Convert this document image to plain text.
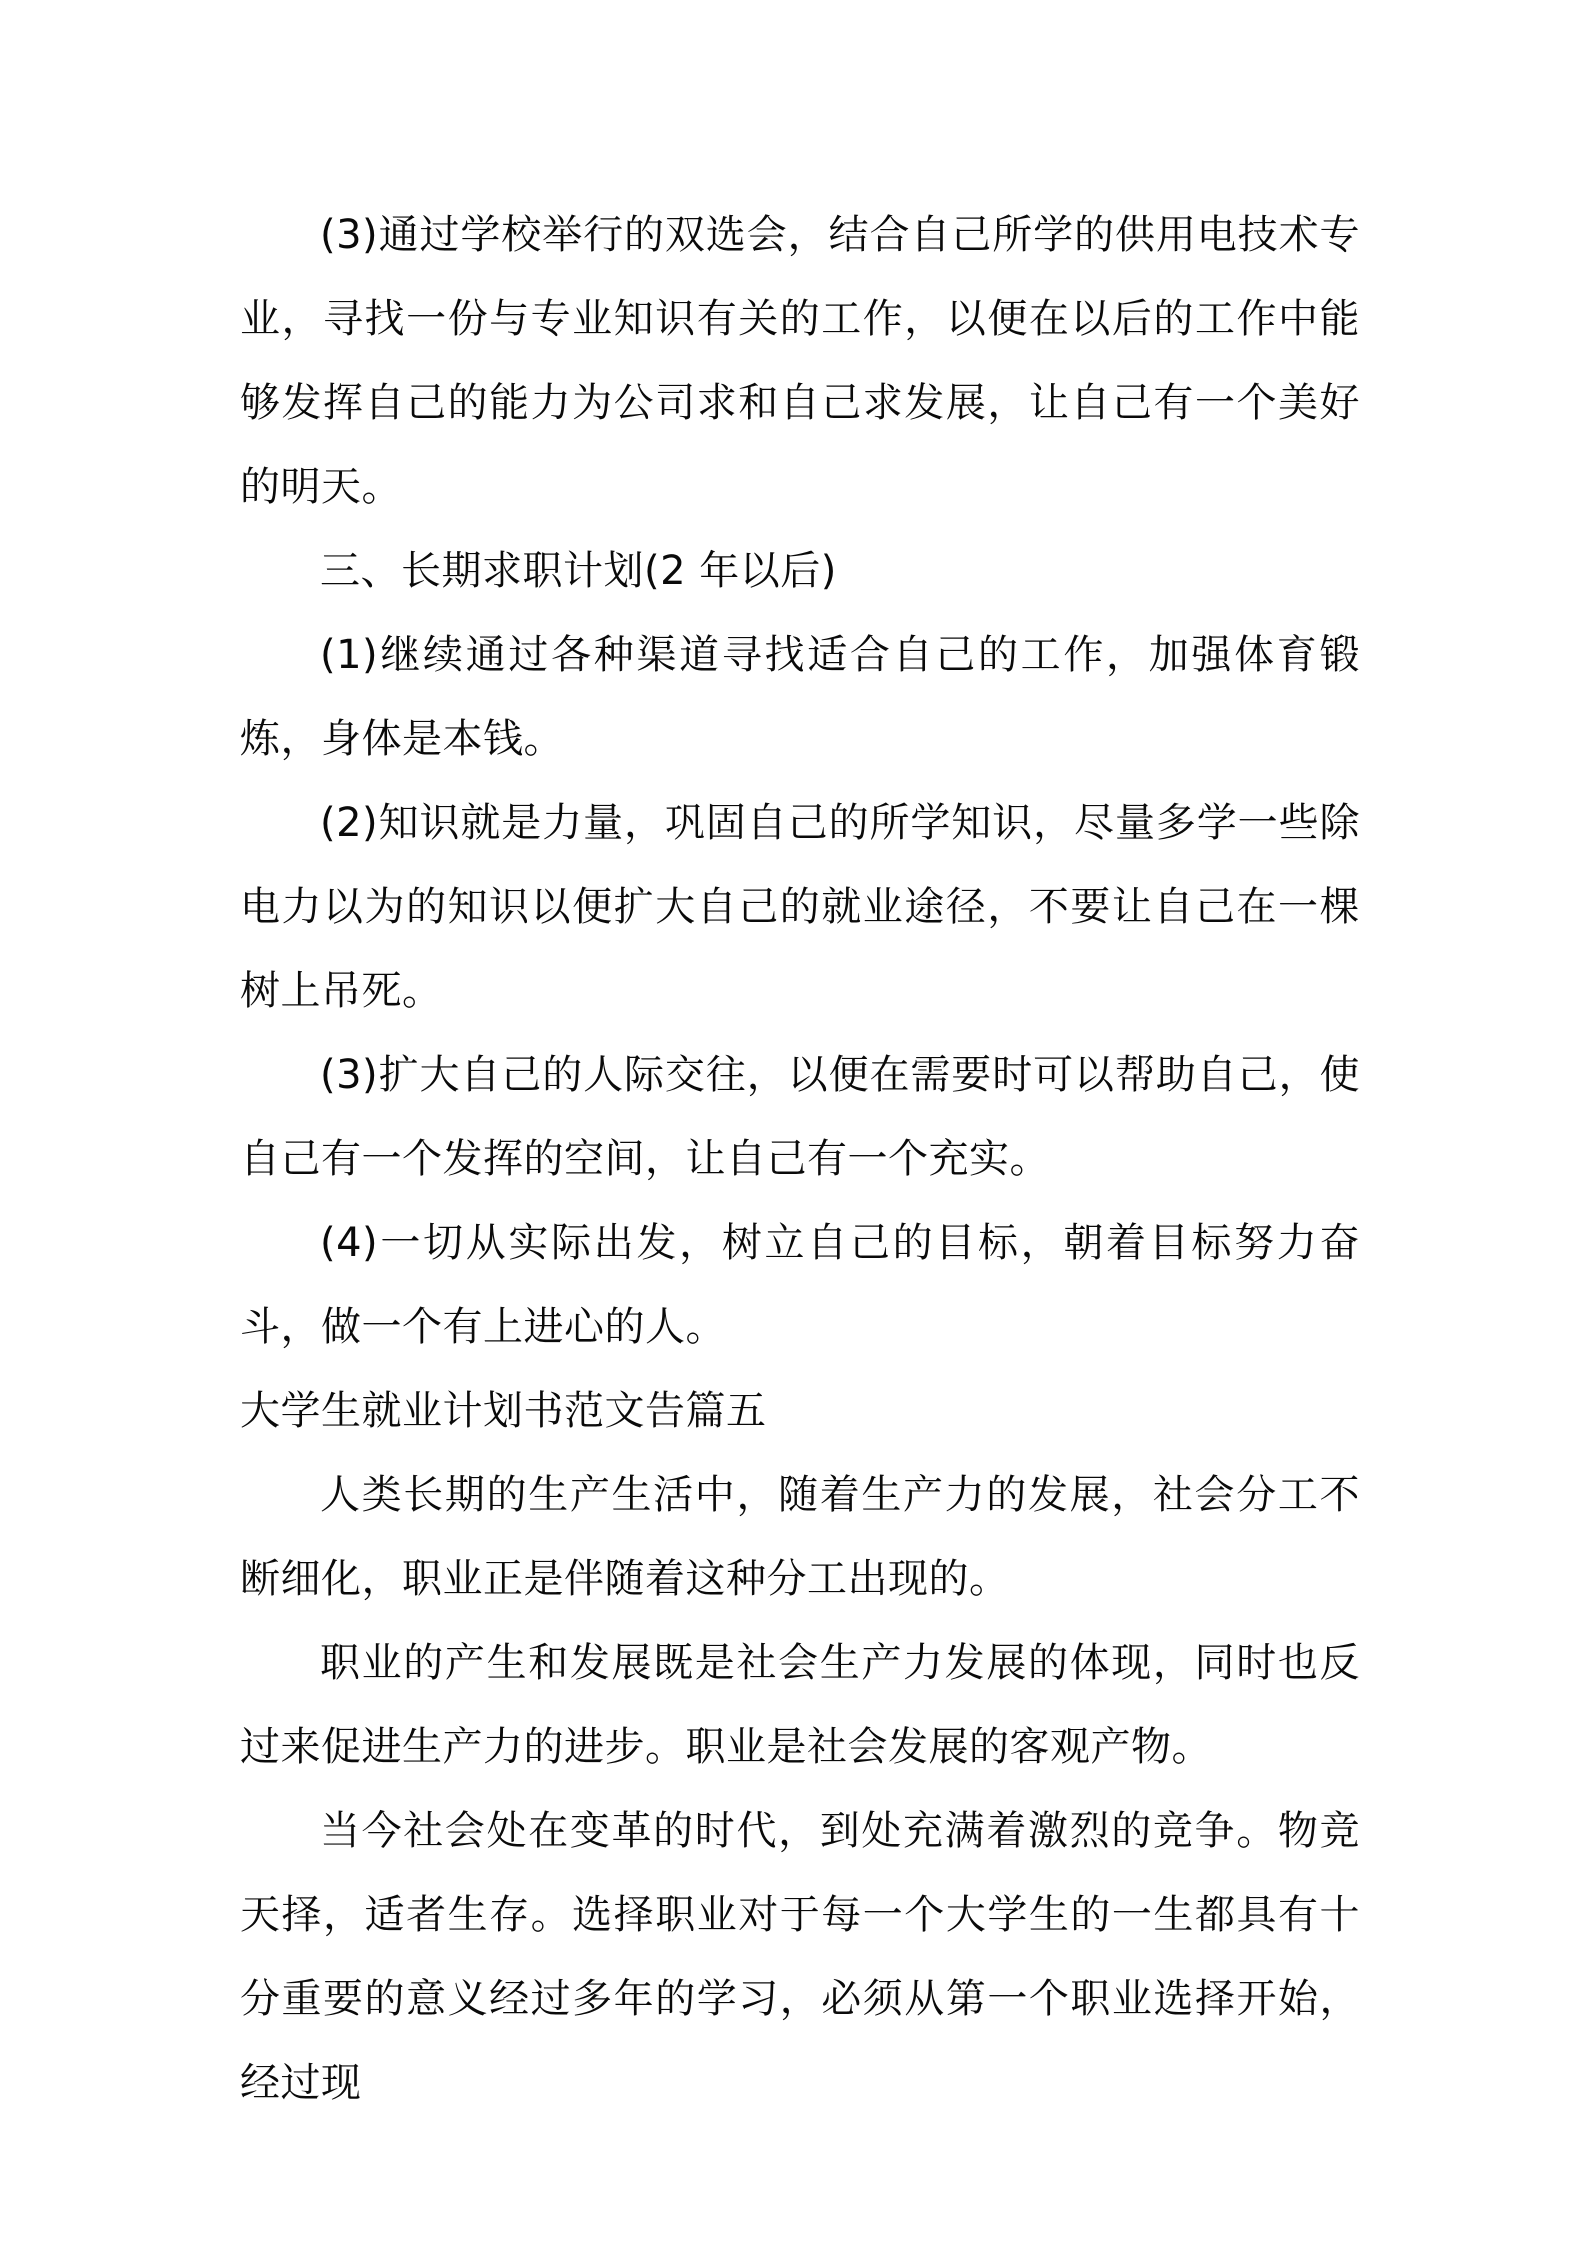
(3)通过学校举行的双选会，结合自己所学的供用电技术专业，寻找一份与专业知识有关的工作，以便在以后的工作中能够发挥自己的能力为公司求和自己求发展，让自己有一个美好的明天。

三、长期求职计划(2 年以后)

(1)继续通过各种渠道寻找适合自己的工作，加强体育锻炼，身体是本钱。

(2)知识就是力量，巩固自己的所学知识，尽量多学一些除电力以为的知识以便扩大自己的就业途径，不要让自己在一棵树上吊死。

(3)扩大自己的人际交往，以便在需要时可以帮助自己，使自己有一个发挥的空间，让自己有一个充实。

(4)一切从实际出发，树立自己的目标，朝着目标努力奋斗，做一个有上进心的人。

大学生就业计划书范文告篇五

人类长期的生产生活中，随着生产力的发展，社会分工不断细化，职业正是伴随着这种分工出现的。

职业的产生和发展既是社会生产力发展的体现，同时也反过来促进生产力的进步。职业是社会发展的客观产物。

当今社会处在变革的时代，到处充满着激烈的竞争。物竞天择，适者生存。选择职业对于每一个大学生的一生都具有十分重要的意义经过多年的学习，必须从第一个职业选择开始，经过现
